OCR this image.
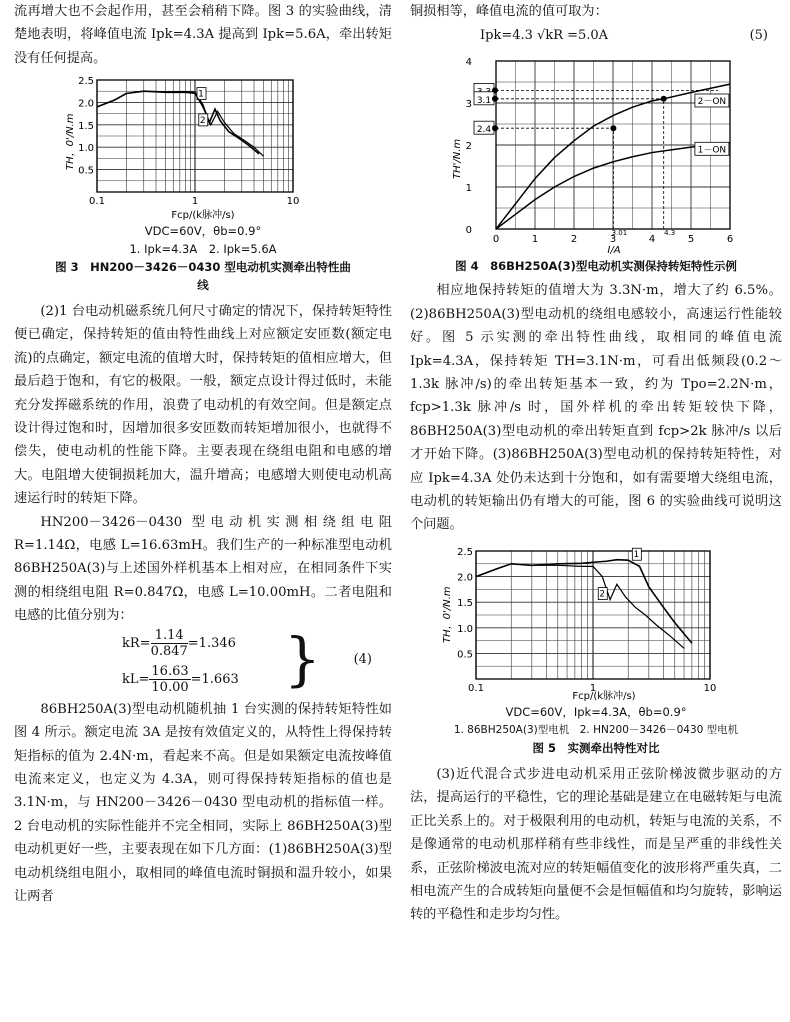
流再增大也不会起作用，甚至会稍稍下降。图 3 的实验曲线，清楚地表明，将峰值电流 Ipk=4.3A 提高到 Ipk=5.6A，牵出转矩没有任何提高。

2.5
2.0
1.5
1.0
0.5
0.1	1	10
1
2
TH，0'/N.m
Fcp/(k脉冲/s)
VDC=60V，θb=0.9°
1. Ipk=4.3A　2. Ipk=5.6A
图 3　HN200－3426－0430 型电动机实测牵出特性曲线

(2)1 台电动机磁系统几何尺寸确定的情况下，保持转矩特性便已确定，保持转矩的值由特性曲线上对应额定安匝数(额定电流)的点确定，额定电流的值增大时，保持转矩的值相应增大，但最后趋于饱和，有它的极限。一般，额定点设计得过低时，未能充分发挥磁系统的作用，浪费了电动机的有效空间。但是额定点设计得过饱和时，因增加很多安匝数而转矩增加很小，也就得不偿失，使电动机的性能下降。主要表现在绕组电阻和电感的增大。电阻增大使铜损耗加大，温升增高；电感增大则使电动机高速运行时的转矩下降。

HN200－3426－0430 型电动机实测相绕组电阻 R=1.14Ω，电感 L=16.63mH。我们生产的一种标准型电动机 86BH250A(3)与上述国外样机基本上相对应，在相同条件下实测的相绕组电阻 R=0.847Ω，电感 L=10.00mH。二者电阻和电感的比值分别为：

$kR= \frac{1.14}{0.847} =1.346$
$kL= \frac{16.63}{10.00} =1.663$ }	(4)

86BH250A(3)型电动机随机抽 1 台实测的保持转矩特性如图 4 所示。额定电流 3A 是按有效值定义的，从特性上得保持转矩指标的值为 2.4N·m，看起来不高。但是如果额定电流按峰值电流来定义，也定义为 4.3A，则可得保持转矩指标的值也是 3.1N·m，与 HN200－3426－0430 型电动机的指标值一样。2 台电动机的实际性能并不完全相同，实际上 86BH250A(3)型电动机更好一些，主要表现在如下几方面：(1)86BH250A(3)型电动机绕组电阻小，取相同的峰值电流时铜损和温升较小，如果让两者

铜损相等，峰值电流的值可取为：

Ipk=4.3 √kR =5.0A	(5)
4
3
2
1
0
0	1	2	3	4	5	6
3.1
2.4
3.01	4.3
2－ON
1－ON
TH'/N.m
I/A
图 4　86BH250A(3)型电动机实测保持转矩特性示例

相应地保持转矩的值增大为 3.3N·m，增大了约 6.5%。(2)86BH250A(3)型电动机的绕组电感较小，高速运行性能较好。图 5 示实测的牵出特性曲线，取相同的峰值电流 Ipk=4.3A，保持转矩 TH=3.1N·m，可看出低频段(0.2～1.3k 脉冲/s)的牵出转矩基本一致，约为 Tpo=2.2N·m，fcp>1.3k 脉冲/s 时，国外样机的牵出转矩较快下降，86BH250A(3)型电动机的牵出转矩直到 fcp>2k 脉冲/s 以后才开始下降。(3)86BH250A(3)型电动机的保持转矩特性，对应 Ipk=4.3A 处仍未达到十分饱和，如有需要增大绕组电流，电动机的转矩输出仍有增大的可能，图 6 的实验曲线可说明这个问题。

2.5
2.0
1.5
1.0
0.5
0.1	1	10
1
2
TH，0'/N.m
Fcp/(k脉冲/s)
VDC=60V，Ipk=4.3A，θb=0.9°
1. 86BH250A(3)型电机　2. HN200－3426－0430 型电机
图 5　实测牵出特性对比

(3)近代混合式步进电动机采用正弦阶梯波微步驱动的方法，提高运行的平稳性，它的理论基础是建立在电磁转矩与电流正比关系上的。对于极限利用的电动机，转矩与电流的关系，不是像通常的电动机那样稍有些非线性，而是呈严重的非线性关系，正弦阶梯波电流对应的转矩幅值变化的波形将严重失真，二相电流产生的合成转矩向量便不会是恒幅值和均匀旋转，影响运转的平稳性和走步均匀性。
